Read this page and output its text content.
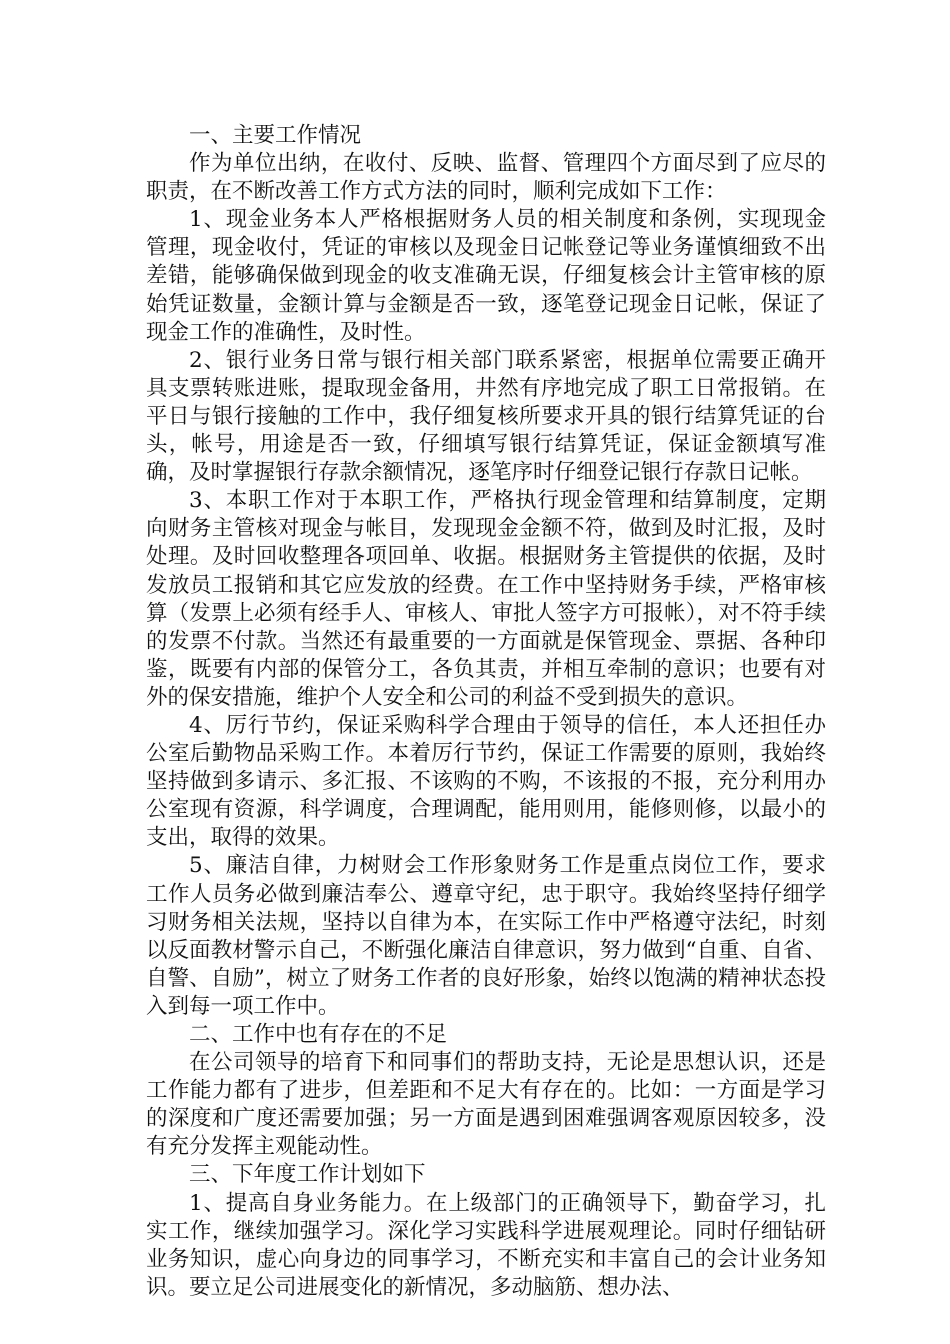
一、主要工作情况

作为单位出纳，在收付、反映、监督、管理四个方面尽到了应尽的职责，在不断改善工作方式方法的同时，顺利完成如下工作：

1、现金业务本人严格根据财务人员的相关制度和条例，实现现金管理，现金收付，凭证的审核以及现金日记帐登记等业务谨慎细致不出差错，能够确保做到现金的收支准确无误，仔细复核会计主管审核的原始凭证数量，金额计算与金额是否一致，逐笔登记现金日记帐，保证了现金工作的准确性，及时性。

2、银行业务日常与银行相关部门联系紧密，根据单位需要正确开具支票转账进账，提取现金备用，井然有序地完成了职工日常报销。在平日与银行接触的工作中，我仔细复核所要求开具的银行结算凭证的台头，帐号，用途是否一致，仔细填写银行结算凭证，保证金额填写准确，及时掌握银行存款余额情况，逐笔序时仔细登记银行存款日记帐。

3、本职工作对于本职工作，严格执行现金管理和结算制度，定期向财务主管核对现金与帐目，发现现金金额不符，做到及时汇报，及时处理。及时回收整理各项回单、收据。根据财务主管提供的依据，及时发放员工报销和其它应发放的经费。在工作中坚持财务手续，严格审核算（发票上必须有经手人、审核人、审批人签字方可报帐），对不符手续的发票不付款。当然还有最重要的一方面就是保管现金、票据、各种印鉴，既要有内部的保管分工，各负其责，并相互牵制的意识；也要有对外的保安措施，维护个人安全和公司的利益不受到损失的意识。

4、厉行节约，保证采购科学合理由于领导的信任，本人还担任办公室后勤物品采购工作。本着厉行节约，保证工作需要的原则，我始终坚持做到多请示、多汇报、不该购的不购，不该报的不报，充分利用办公室现有资源，科学调度，合理调配，能用则用，能修则修，以最小的支出，取得的效果。

5、廉洁自律，力树财会工作形象财务工作是重点岗位工作，要求工作人员务必做到廉洁奉公、遵章守纪，忠于职守。我始终坚持仔细学习财务相关法规，坚持以自律为本，在实际工作中严格遵守法纪，时刻以反面教材警示自己，不断强化廉洁自律意识，努力做到“自重、自省、自警、自励”，树立了财务工作者的良好形象，始终以饱满的精神状态投入到每一项工作中。

二、工作中也有存在的不足

在公司领导的培育下和同事们的帮助支持，无论是思想认识，还是工作能力都有了进步，但差距和不足大有存在的。比如：一方面是学习的深度和广度还需要加强；另一方面是遇到困难强调客观原因较多，没有充分发挥主观能动性。

三、下年度工作计划如下

1、提高自身业务能力。在上级部门的正确领导下，勤奋学习，扎实工作，继续加强学习。深化学习实践科学进展观理论。同时仔细钻研业务知识，虚心向身边的同事学习，不断充实和丰富自己的会计业务知识。要立足公司进展变化的新情况，多动脑筋、想办法、
